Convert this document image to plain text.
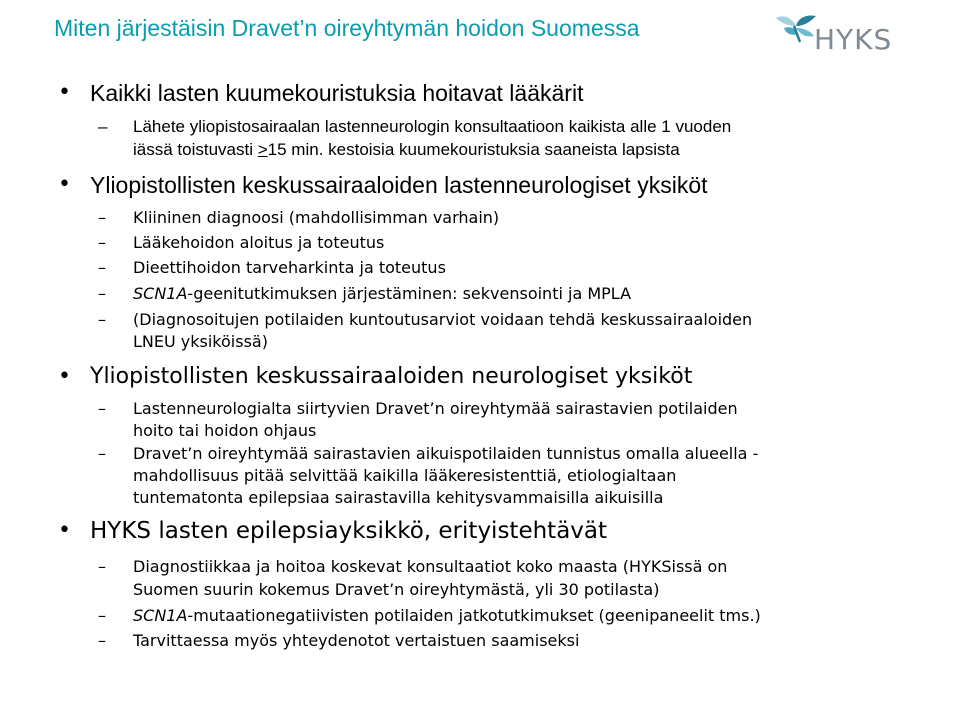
Miten järjestäisin Dravet’n oireyhtymän hoidon Suomessa	HYKS
• Kaikki lasten kuumekouristuksia hoitavat lääkärit
– Lähete yliopistosairaalan lastenneurologin konsultaatioon kaikista alle 1 vuoden
iässä toistuvasti >15 min. kestoisia kuumekouristuksia saaneista lapsista
• Yliopistollisten keskussairaaloiden lastenneurologiset yksiköt
– Kliininen diagnoosi (mahdollisimman varhain)
– Lääkehoidon aloitus ja toteutus
– Dieettihoidon tarveharkinta ja toteutus
– SCN1A-geenitutkimuksen järjestäminen: sekvensointi ja MPLA
– (Diagnosoitujen potilaiden kuntoutusarviot voidaan tehdä keskussairaaloiden
LNEU yksiköissä)
• Yliopistollisten keskussairaaloiden neurologiset yksiköt
– Lastenneurologialta siirtyvien Dravet’n oireyhtymää sairastavien potilaiden
hoito tai hoidon ohjaus
– Dravet’n oireyhtymää sairastavien aikuispotilaiden tunnistus omalla alueella -
mahdollisuus pitää selvittää kaikilla lääkeresistenttiä, etiologialtaan
tuntematonta epilepsiaa sairastavilla kehitysvammaisilla aikuisilla
• HYKS lasten epilepsiayksikkö, erityistehtävät
– Diagnostiikkaa ja hoitoa koskevat konsultaatiot koko maasta (HYKSissä on
Suomen suurin kokemus Dravet’n oireyhtymästä, yli 30 potilasta)
– SCN1A-mutaationegatiivisten potilaiden jatkotutkimukset (geenipaneelit tms.)
– Tarvittaessa myös yhteydenotot vertaistuen saamiseksi
